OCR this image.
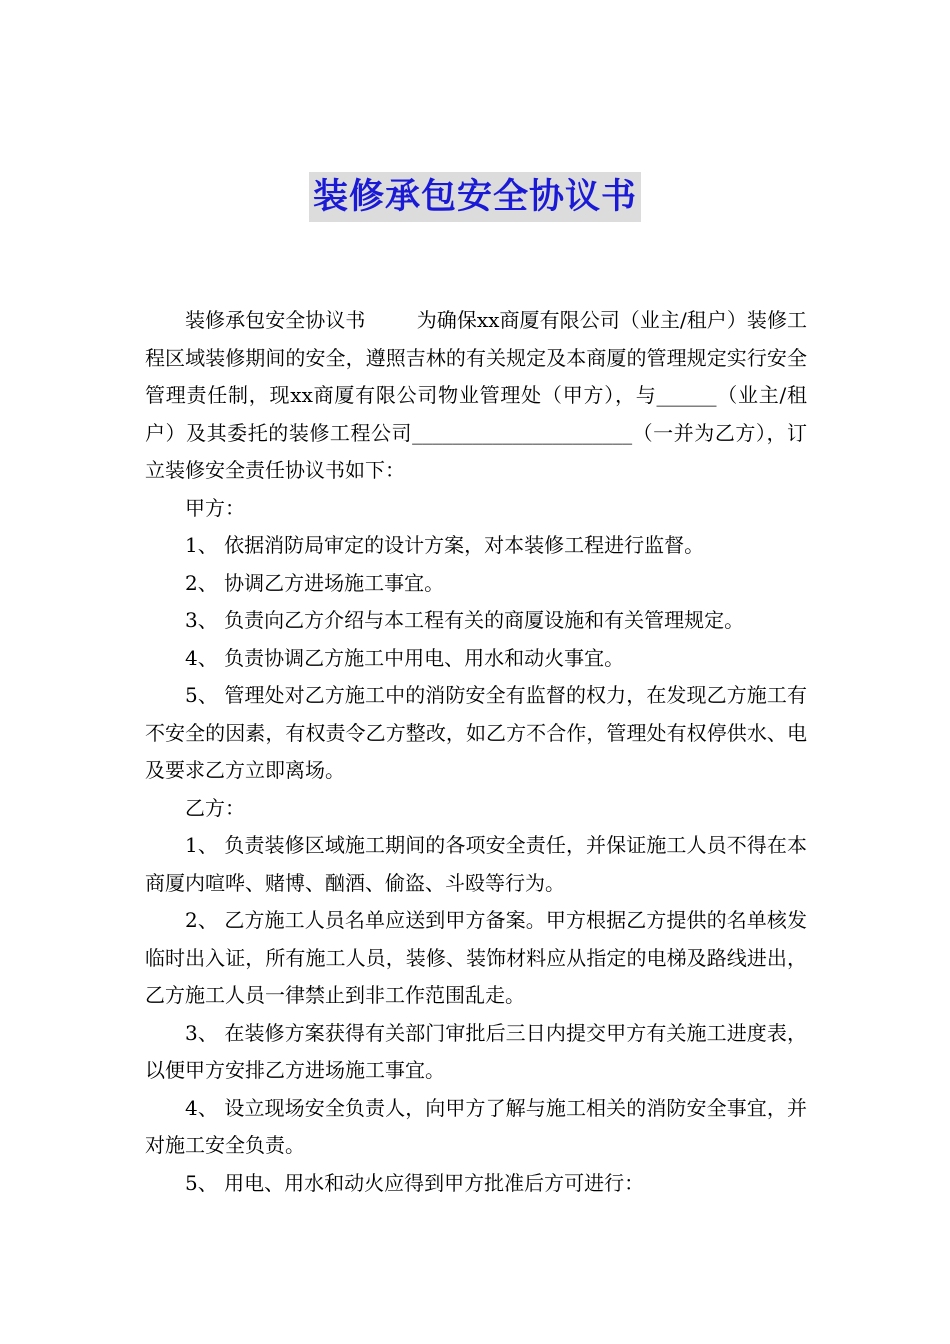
装修承包安全协议书

装修承包安全协议书        为确保xx商厦有限公司（业主/租户）装修工程区域装修期间的安全，遵照吉林的有关规定及本商厦的管理规定实行安全管理责任制，现xx商厦有限公司物业管理处（甲方），与______（业主/租户）及其委托的装修工程公司______________________（一并为乙方），订立装修安全责任协议书如下：

甲方：

1、 依据消防局审定的设计方案，对本装修工程进行监督。

2、 协调乙方进场施工事宜。

3、 负责向乙方介绍与本工程有关的商厦设施和有关管理规定。

4、 负责协调乙方施工中用电、用水和动火事宜。

5、 管理处对乙方施工中的消防安全有监督的权力，在发现乙方施工有不安全的因素，有权责令乙方整改，如乙方不合作，管理处有权停供水、电及要求乙方立即离场。

乙方：

1、 负责装修区域施工期间的各项安全责任，并保证施工人员不得在本商厦内喧哗、赌博、酗酒、偷盗、斗殴等行为。

2、 乙方施工人员名单应送到甲方备案。甲方根据乙方提供的名单核发临时出入证，所有施工人员，装修、装饰材料应从指定的电梯及路线进出，乙方施工人员一律禁止到非工作范围乱走。

3、 在装修方案获得有关部门审批后三日内提交甲方有关施工进度表，以便甲方安排乙方进场施工事宜。

4、 设立现场安全负责人，向甲方了解与施工相关的消防安全事宜，并对施工安全负责。

5、 用电、用水和动火应得到甲方批准后方可进行：
